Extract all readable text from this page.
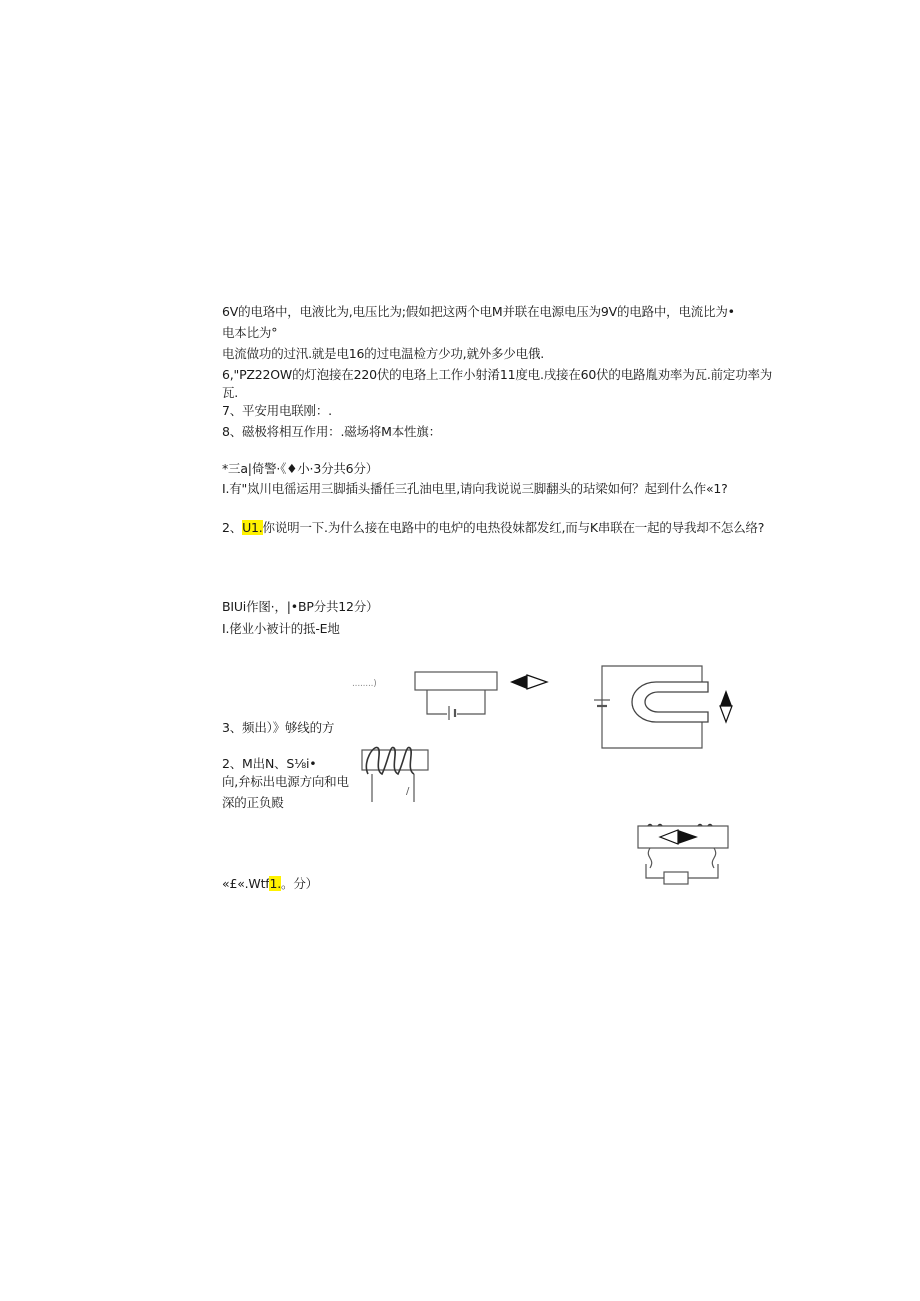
6V的电珞中，电液比为,电压比为;假如把这两个电M并联在电源电压为9V的电路中，电流比为•
电本比为°
电流做功的过汛.就是电16的过电温检方少功,就外多少电俄.
6,"PZ22OW的灯泡接在220伏的电珞上工作小射淆11度电.戌接在60伏的电路胤劝率为瓦.前定功率为
瓦.
7、平安用电联刚：.
8、磁极将相互作用：.磁场将M本性旗：
*三a|倚警·《♦小·3分共6分）
I.有"岚川电徭运用三脚插头播任三孔油电里,请向我说说三脚翻头的玷梁如何？起到什么作«1?
2、U1.你说明一下.为什么接在电路中的电炉的电热役妹都发红,而与K串联在一起的导我却不怎么络?
BIUi作图·，|•BP分共12分）
I.佬业小被计的抵-E地
3、频出）》够线的方
2、M出N、S⅛i•
向,弁标出电源方向和电
深的正负殿
«£«.Wtf1.。分）
........)
/
